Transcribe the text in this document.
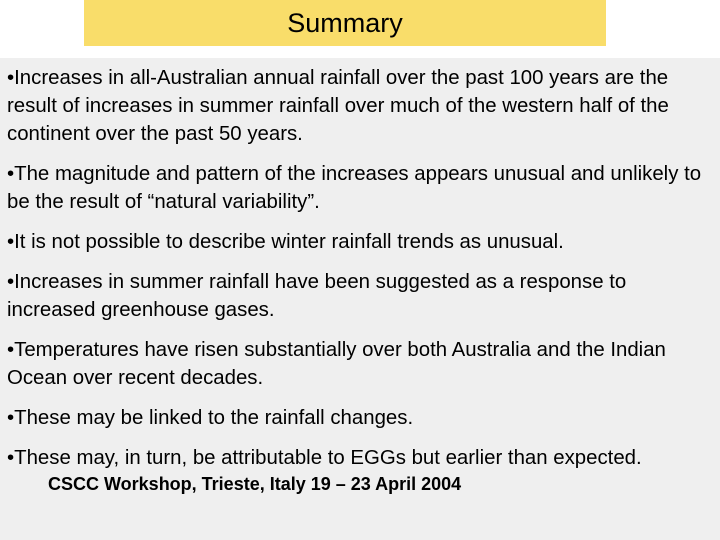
Summary
•Increases in all-Australian annual rainfall over the past 100 years are the result of increases in summer rainfall over much of the western half of the continent over the past 50 years.
•The magnitude and pattern of the increases appears unusual and unlikely to be the result of “natural variability”.
•It is not possible to describe winter rainfall trends as unusual.
•Increases in summer rainfall have been suggested as a response to increased greenhouse gases.
•Temperatures have risen substantially over both Australia and the Indian Ocean over recent decades.
•These may be linked to the rainfall changes.
•These may, in turn, be attributable to EGGs but earlier than expected.
CSCC Workshop, Trieste, Italy 19 – 23 April 2004
